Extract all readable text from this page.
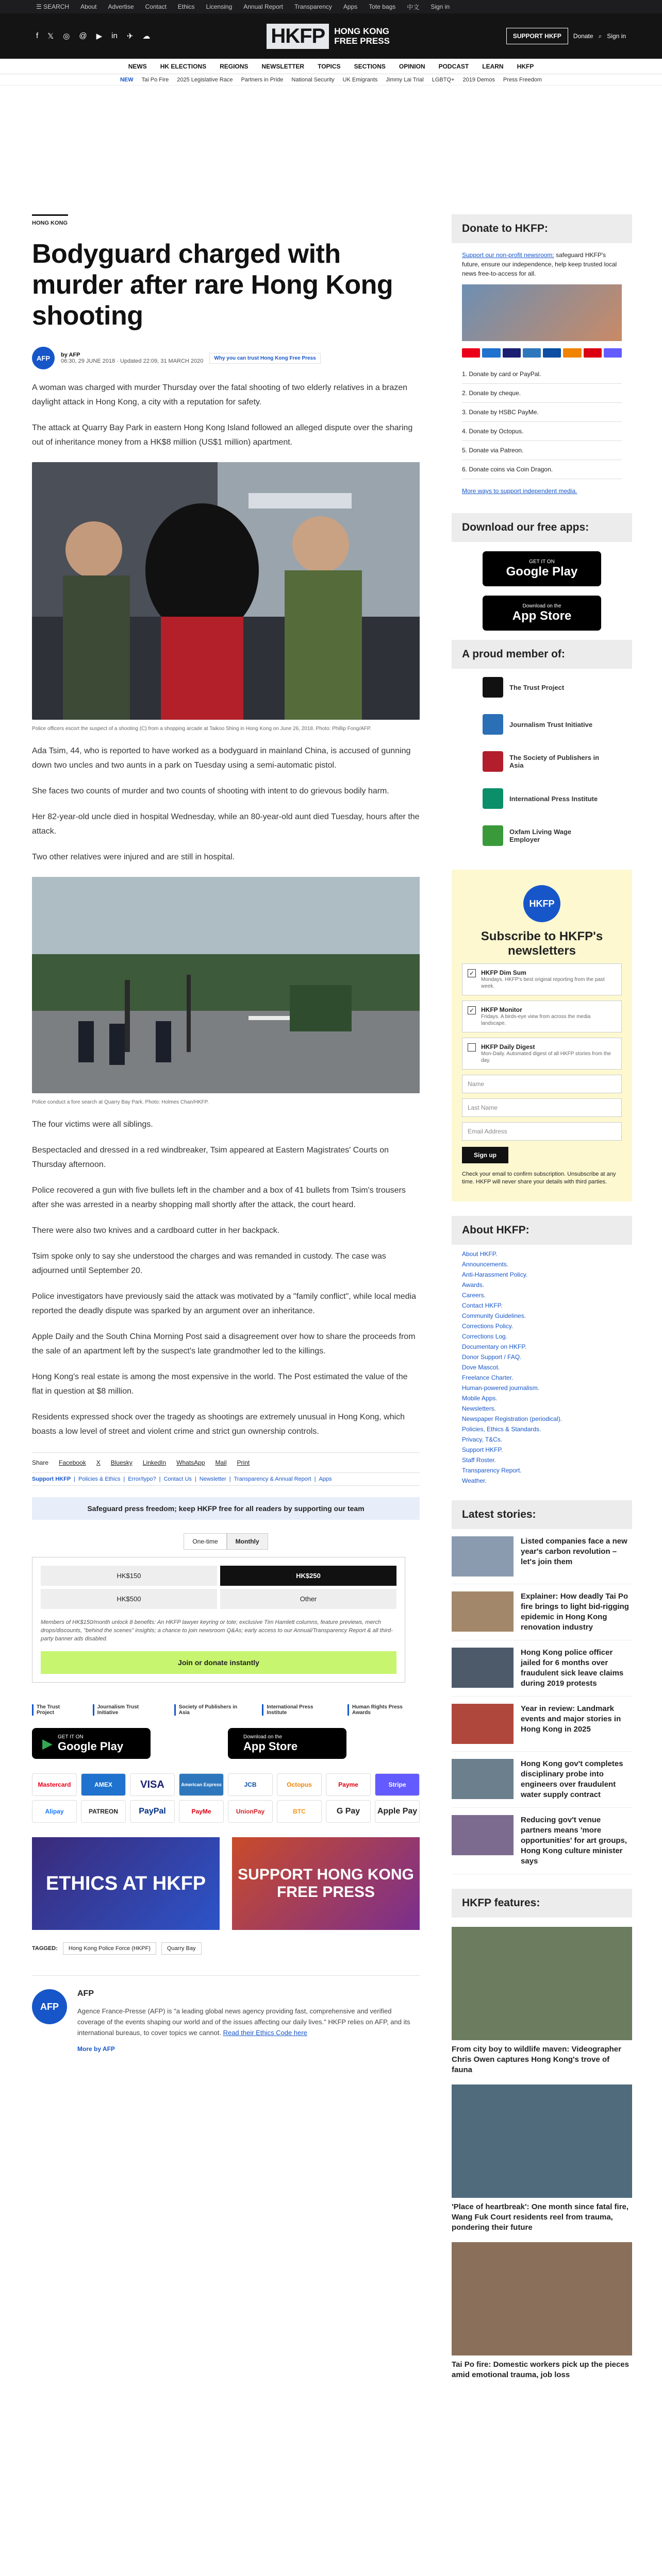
☰ SEARCH About Advertise Contact Ethics Licensing Annual Report Transparency Apps Tote bags 中文 Sign in
f 𝕏 ◎ @ ▶ in ✈ ☁	HKFP	HONG KONG
FREE PRESS	SUPPORT HKFP	Donate ⌕ Sign in
NEWS HK ELECTIONS REGIONS NEWSLETTER TOPICS SECTIONS OPINION PODCAST LEARN HKFP
NEW Tai Po Fire 2025 Legislative Race Partners in Pride National Security UK Emigrants Jimmy Lai Trial LGBTQ+ 2019 Demos Press Freedom
HONG KONG
Bodyguard charged with murder after rare Hong Kong shooting
AFP	by AFP
06:30, 29 JUNE 2018 · Updated 22:09, 31 MARCH 2020	Why you can trust Hong Kong Free Press

A woman was charged with murder Thursday over the fatal shooting of two elderly relatives in a brazen daylight attack in Hong Kong, a city with a reputation for safety.

The attack at Quarry Bay Park in eastern Hong Kong Island followed an alleged dispute over the sharing out of inheritance money from a HK$8 million (US$1 million) apartment.

Police officers escort the suspect of a shooting (C) from a shopping arcade at Taikoo Shing in Hong Kong on June 26, 2018. Photo: Phillip Fong/AFP.

Ada Tsim, 44, who is reported to have worked as a bodyguard in mainland China, is accused of gunning down two uncles and two aunts in a park on Tuesday using a semi-automatic pistol.

She faces two counts of murder and two counts of shooting with intent to do grievous bodily harm.

Her 82-year-old uncle died in hospital Wednesday, while an 80-year-old aunt died Tuesday, hours after the attack.

Two other relatives were injured and are still in hospital.

Police conduct a fore search at Quarry Bay Park. Photo: Holmes Chan/HKFP.

The four victims were all siblings.

Bespectacled and dressed in a red windbreaker, Tsim appeared at Eastern Magistrates' Courts on Thursday afternoon.

Police recovered a gun with five bullets left in the chamber and a box of 41 bullets from Tsim's trousers after she was arrested in a nearby shopping mall shortly after the attack, the court heard.

There were also two knives and a cardboard cutter in her backpack.

Tsim spoke only to say she understood the charges and was remanded in custody. The case was adjourned until September 20.

Police investigators have previously said the attack was motivated by a "family conflict", while local media reported the deadly dispute was sparked by an argument over an inheritance.

Apple Daily and the South China Morning Post said a disagreement over how to share the proceeds from the sale of an apartment left by the suspect's late grandmother led to the killings.

Hong Kong's real estate is among the most expensive in the world. The Post estimated the value of the flat in question at $8 million.

Residents expressed shock over the tragedy as shootings are extremely unusual in Hong Kong, which boasts a low level of street and violent crime and strict gun ownership controls.

Share Facebook X Bluesky LinkedIn WhatsApp Mail Print
Support HKFP | Policies & Ethics | Error/typo? | Contact Us | Newsletter | Transparency & Annual Report | Apps
Safeguard press freedom; keep HKFP free for all readers by supporting our team
One-time	Monthly
HK$150	HK$250
HK$500	Other
Members of HK$150/month unlock 8 benefits: An HKFP lawyer keyring or tote; exclusive Tim Hamlett columns, feature previews, merch drops/discounts, "behind the scenes" insights; a chance to join newsroom Q&As; early access to our Annual/Transparency Report & all third-party banner ads disabled.
Join or donate instantly
The Trust Project
Journalism Trust Initiative
Society of Publishers in Asia
International Press Institute
Human Rights Press Awards
▶ GET IT ON
Google Play
Download on the
App Store
Mastercard	AMEX	VISA	American Express	JCB	Octopus	Payme	Stripe
Alipay	PATREON	PayPal	PayMe	UnionPay	BTC	G Pay	Apple Pay
ETHICS AT HKFP	SUPPORT HONG KONG FREE PRESS
TAGGED:	Hong Kong Police Force (HKPF)	Quarry Bay
AFP
AFP
Agence France-Presse (AFP) is "a leading global news agency providing fast, comprehensive and verified coverage of the events shaping our world and of the issues affecting our daily lives." HKFP relies on AFP, and its international bureaus, to cover topics we cannot. Read their Ethics Code here
More by AFP
Donate to HKFP:
Support our non-profit newsroom: safeguard HKFP's future, ensure our independence, help keep trusted local news free-to-access for all.
1. Donate by card or PayPal.
2. Donate by cheque.
3. Donate by HSBC PayMe.
4. Donate by Octopus.
5. Donate via Patreon.
6. Donate coins via Coin Dragon.
More ways to support independent media.
Download our free apps:
GET IT ON
Google Play
Download on the
App Store
A proud member of:
The Trust Project
Journalism Trust Initiative
The Society of Publishers in Asia
International Press Institute
Oxfam Living Wage Employer
HKFP
Subscribe to HKFP's newsletters
✓ HKFP Dim Sum
Mondays. HKFP's best original reporting from the past week.
✓ HKFP Monitor
Fridays. A birds-eye view from across the media landscape.
HKFP Daily Digest
Mon-Daily. Automated digest of all HKFP stories from the day.
Name
Last Name
Email Address
Sign up
Check your email to confirm subscription. Unsubscribe at any time. HKFP will never share your details with third parties.
About HKFP:
About HKFP.
Announcements.
Anti-Harassment Policy.
Awards.
Careers.
Contact HKFP.
Community Guidelines.
Corrections Policy.
Corrections Log.
Documentary on HKFP.
Donor Support / FAQ.
Dove Mascot.
Freelance Charter.
Human-powered journalism.
Mobile Apps.
Newsletters.
Newspaper Registration (periodical).
Policies, Ethics & Standards.
Privacy, T&Cs.
Support HKFP.
Staff Roster.
Transparency Report.
Weather.
Latest stories:
Listed companies face a new year's carbon revolution – let's join them
Explainer: How deadly Tai Po fire brings to light bid-rigging epidemic in Hong Kong renovation industry
Hong Kong police officer jailed for 6 months over fraudulent sick leave claims during 2019 protests
Year in review: Landmark events and major stories in Hong Kong in 2025
Hong Kong gov't completes disciplinary probe into engineers over fraudulent water supply contract
Reducing gov't venue partners means 'more opportunities' for art groups, Hong Kong culture minister says
HKFP features:
From city boy to wildlife maven: Videographer Chris Owen captures Hong Kong's trove of fauna
'Place of heartbreak': One month since fatal fire, Wang Fuk Court residents reel from trauma, pondering their future
Tai Po fire: Domestic workers pick up the pieces amid emotional trauma, job loss
